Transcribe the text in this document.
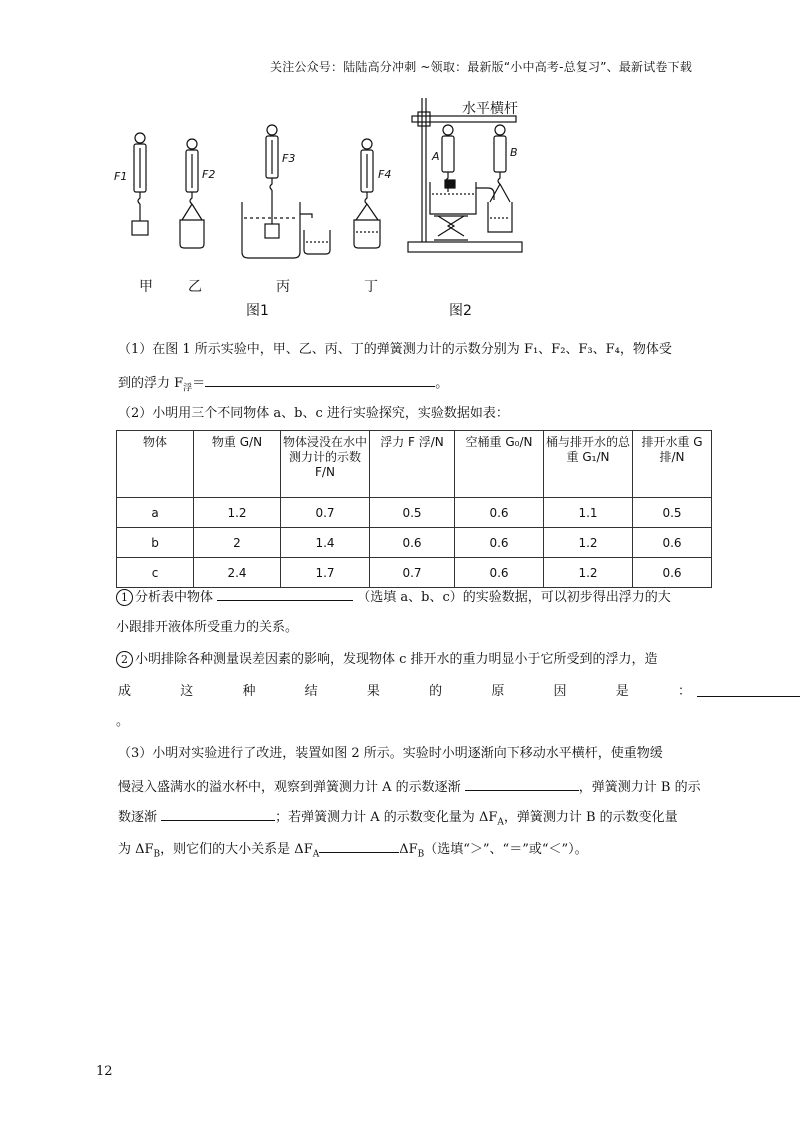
关注公众号：陆陆高分冲刺 ~领取：最新版“小中高考-总复习”、最新试卷下载
F1	F2
F3
F4
甲	乙	丙	丁
图1
水平横杆
A	B
图2
（1）在图 1 所示实验中，甲、乙、丙、丁的弹簧测力计的示数分别为 F₁、F₂、F₃、F₄，物体受
到的浮力 $F_浮=$	。
（2）小明用三个不同物体 a、b、c 进行实验探究，实验数据如表：
物体	物重 G/N	物体浸没在水中测力计的示数 F/N	浮力 F 浮/N	空桶重 G₀/N	桶与排开水的总重 G₁/N	排开水重 G 排/N
a	1.2	0.7	0.5	0.6	1.1	0.5
b	2	1.4	0.6	0.6	1.2	0.6
c	2.4	1.7	0.7	0.6	1.2	0.6
1 分析表中物体	（选填 a、b、c）的实验数据，可以初步得出浮力的大
小跟排开液体所受重力的关系。
2 小明排除各种测量误差因素的影响，发现物体 c 排开水的重力明显小于它所受到的浮力，造
成	这	种	结	果	的	原	因	是	：
。
（3）小明对实验进行了改进，装置如图 2 所示。实验时小明逐渐向下移动水平横杆，使重物缓
慢浸入盛满水的溢水杯中，观察到弹簧测力计 A 的示数逐渐	，弹簧测力计 B 的示
数逐渐	；若弹簧测力计 A 的示数变化量为 $\Delta F_A$，弹簧测力计 B 的示数变化量
为 $\Delta F_B$，则它们的大小关系是 $\Delta F_A$	$\Delta F_B$（选填“＞”、“＝”或“＜”）。
12
